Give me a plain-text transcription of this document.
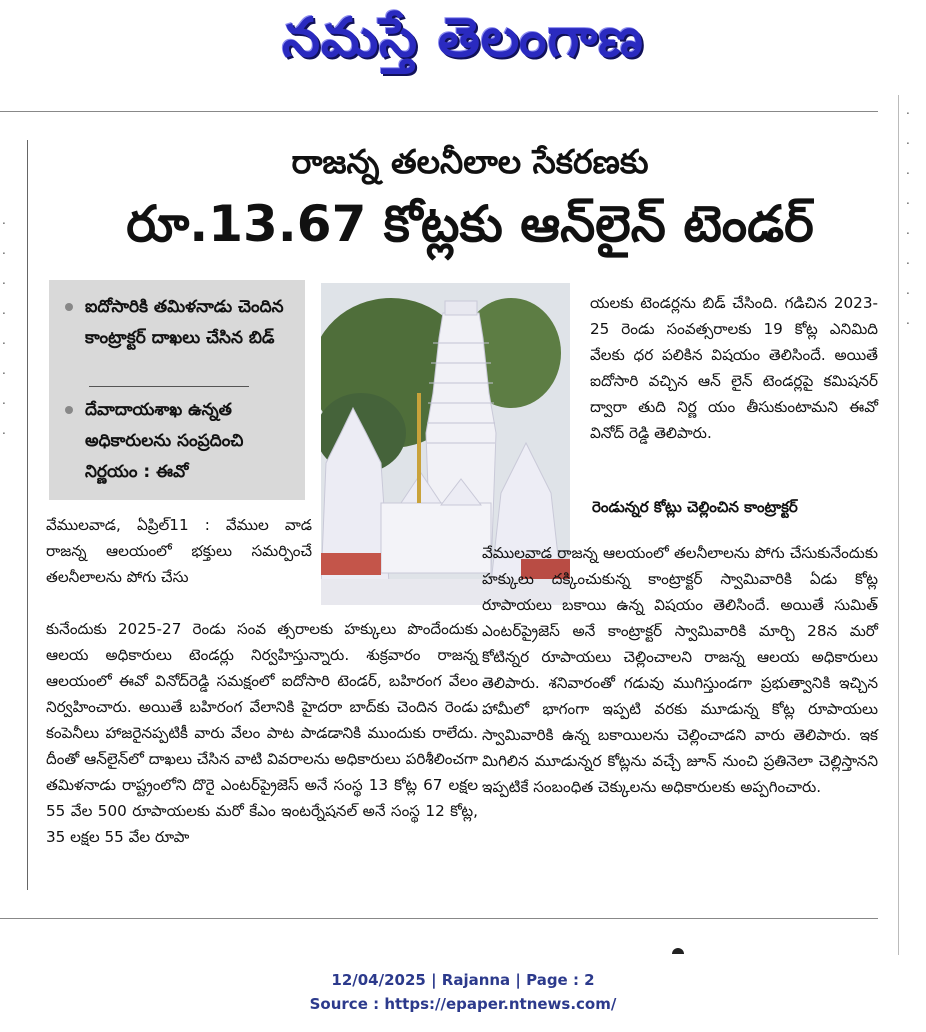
నమస్తే తెలంగాణ
.
.
.
.
.
.
.
.
.
.
.
.
.
.
.
.
రాజన్న తలనీలాల సేకరణకు
రూ.13.67 కోట్లకు ఆన్‌లైన్ టెండర్
ఐదోసారికి తమిళనాడు చెందిన కాంట్రాక్టర్ దాఖలు చేసిన బిడ్
దేవాదాయశాఖ ఉన్నత అధికారులను సంప్రదించి నిర్ణయం : ఈవో

వేములవాడ, ఏప్రిల్11 : వేముల వాడ రాజన్న ఆలయంలో భక్తులు సమర్పించే తలనీలాలను పోగు చేసు

కునేందుకు 2025-27 రెండు సంవ త్సరాలకు హక్కులు పొందేందుకు ఆలయ అధికారులు టెండర్లు నిర్వహిస్తున్నారు. శుక్రవారం రాజన్న ఆలయంలో ఈవో వినోద్‌రెడ్డి సమక్షంలో ఐదోసారి టెండర్, బహిరంగ వేలం నిర్వహించారు. అయితే బహిరంగ వేలానికి హైదరా బాద్‌కు చెందిన రెండు కంపెనీలు హాజరైనప్పటికీ వారు వేలం పాట పాడడానికి ముందుకు రాలేదు. దీంతో ఆన్‌లైన్‌లో దాఖలు చేసిన వాటి వివరాలను అధికారులు పరిశీలించగా తమిళనాడు రాష్ట్రంలోని దొరై ఎంటర్‌ప్రైజెస్ అనే సంస్థ 13 కోట్ల 67 లక్షల 55 వేల 500 రూపాయలకు మరో కేఎం ఇంటర్నేషనల్ అనే సంస్థ 12 కోట్ల, 35 లక్షల 55 వేల రూపా

యలకు టెండర్లను బిడ్ చేసింది. గడిచిన 2023-25 రెండు సంవత్సరాలకు 19 కోట్ల ఎనిమిది వేలకు ధర పలికిన విషయం తెలిసిందే. అయితే ఐదోసారి వచ్చిన ఆన్ లైన్ టెండర్లపై కమిషనర్ ద్వారా తుది నిర్ణ యం తీసుకుంటామని ఈవో వినోద్ రెడ్డి తెలిపారు.

రెండున్నర కోట్లు చెల్లించిన కాంట్రాక్టర్

వేములవాడ రాజన్న ఆలయంలో తలనీలాలను పోగు చేసుకునేందుకు హక్కులు దక్కించుకున్న కాంట్రాక్టర్ స్వామివారికి ఏడు కోట్ల రూపాయలు బకాయి ఉన్న విషయం తెలిసిందే. అయితే సుమిత్ ఎంటర్‌ప్రైజెస్ అనే కాంట్రాక్టర్ స్వామివారికి మార్చి 28న మరో కోటిన్నర రూపాయలు చెల్లించాలని రాజన్న ఆలయ అధికారులు తెలిపారు. శనివారంతో గడువు ముగిస్తుండగా ప్రభుత్వానికి ఇచ్చిన హామీలో భాగంగా ఇప్పటి వరకు మూడున్న కోట్ల రూపాయలు స్వామివారికి ఉన్న బకాయిలను చెల్లించాడని వారు తెలిపారు. ఇక మిగిలిన మూడున్నర కోట్లను వచ్చే జూన్ నుంచి ప్రతినెలా చెల్లిస్తానని ఇప్పటికే సంబంధిత చెక్కులను అధికారులకు అప్పగించారు.

12/04/2025 | Rajanna | Page : 2
Source : https://epaper.ntnews.com/
